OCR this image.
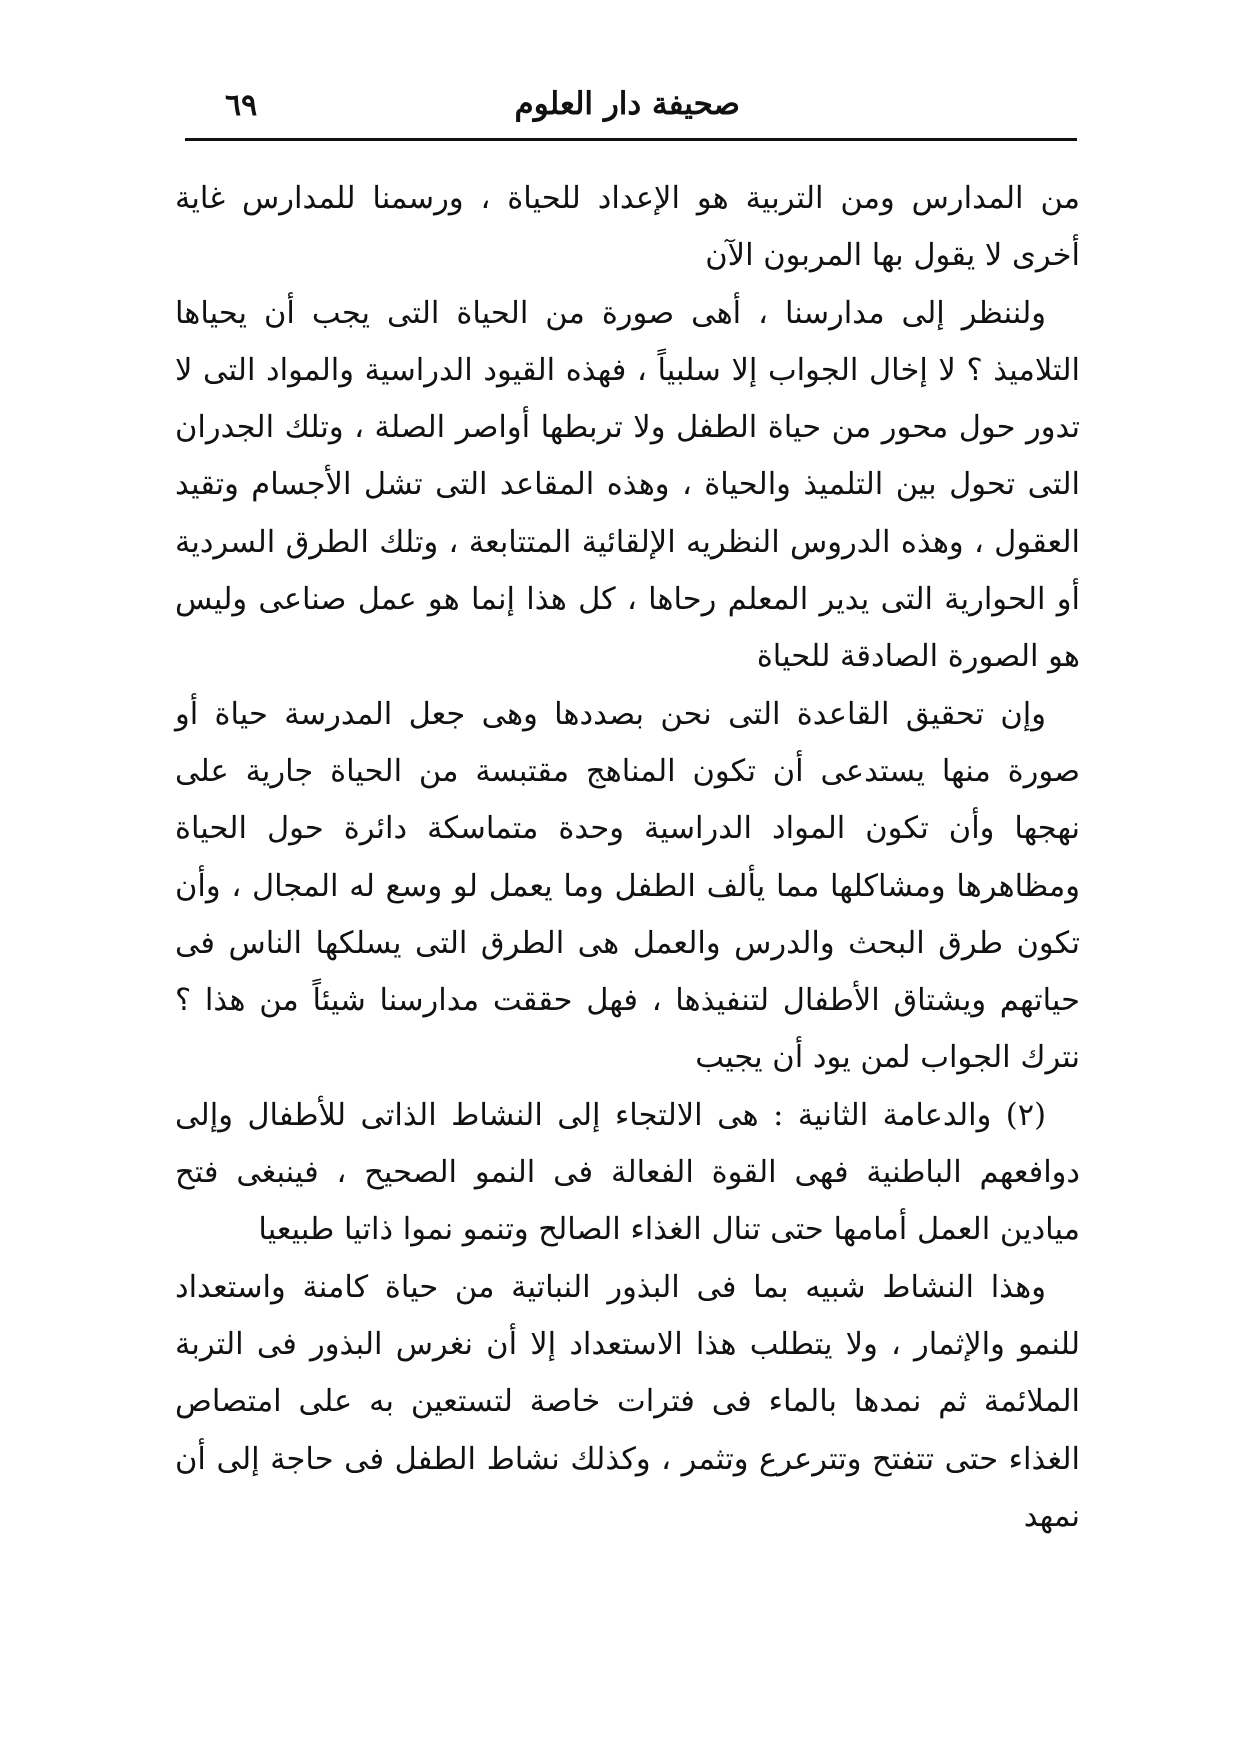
صحيفة دار العلوم
٦٩

من المدارس ومن التربية هو الإعداد للحياة ، ورسمنا للمدارس غاية أخرى لا يقول بها المربون الآن

ولننظر إلى مدارسنا ، أهى صورة من الحياة التى يجب أن يحياها التلاميذ ؟ لا إخال الجواب إلا سلبياً ، فهذه القيود الدراسية والمواد التى لا تدور حول محور من حياة الطفل ولا تربطها أواصر الصلة ، وتلك الجدران التى تحول بين التلميذ والحياة ، وهذه المقاعد التى تشل الأجسام وتقيد العقول ، وهذه الدروس النظريه الإلقائية المتتابعة ، وتلك الطرق السردية أو الحوارية التى يدير المعلم رحاها ، كل هذا إنما هو عمل صناعى وليس هو الصورة الصادقة للحياة

وإن تحقيق القاعدة التى نحن بصددها وهى جعل المدرسة حياة أو صورة منها يستدعى أن تكون المناهج مقتبسة من الحياة جارية على نهجها وأن تكون المواد الدراسية وحدة متماسكة دائرة حول الحياة ومظاهرها ومشاكلها مما يألف الطفل وما يعمل لو وسع له المجال ، وأن تكون طرق البحث والدرس والعمل هى الطرق التى يسلكها الناس فى حياتهم ويشتاق الأطفال لتنفيذها ، فهل حققت مدارسنا شيئاً من هذا ؟ نترك الجواب لمن يود أن يجيب

(٢) والدعامة الثانية : هى الالتجاء إلى النشاط الذاتى للأطفال وإلى دوافعهم الباطنية فهى القوة الفعالة فى النمو الصحيح ، فينبغى فتح ميادين العمل أمامها حتى تنال الغذاء الصالح وتنمو نموا ذاتيا طبيعيا

وهذا النشاط شبيه بما فى البذور النباتية من حياة كامنة واستعداد للنمو والإثمار ، ولا يتطلب هذا الاستعداد إلا أن نغرس البذور فى التربة الملائمة ثم نمدها بالماء فى فترات خاصة لتستعين به على امتصاص الغذاء حتى تتفتح وتترعرع وتثمر ، وكذلك نشاط الطفل فى حاجة إلى أن نمهد
